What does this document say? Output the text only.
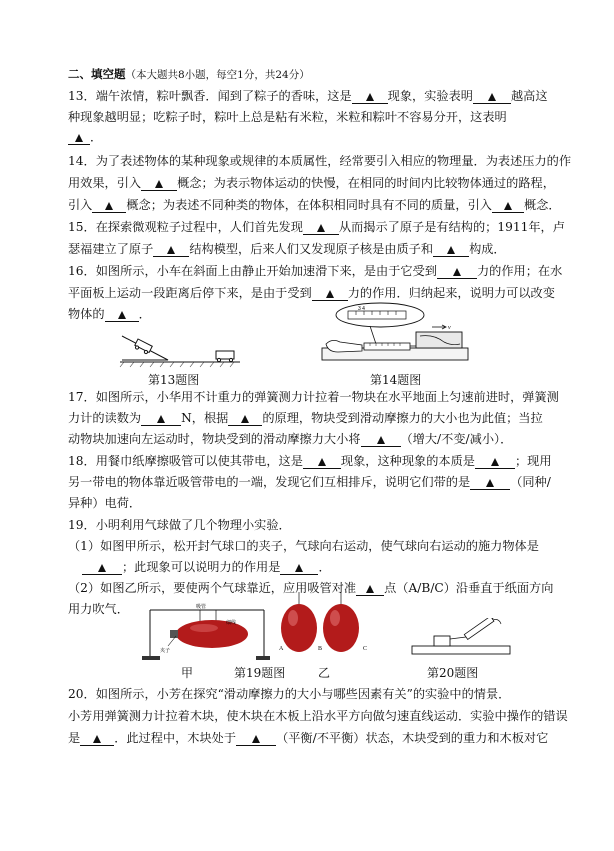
二、填空题（本大题共8小题，每空1分，共24分）
13．端午浓情，粽叶飘香．闻到了粽子的香味，这是	现象，实验表明	越高这
种现象越明显；吃粽子时，粽叶上总是粘有米粒，米粒和粽叶不容易分开，这表明
．
14．为了表述物体的某种现象或规律的本质属性，经常要引入相应的物理量．为表述压力的作
用效果，引入	概念；为表示物体运动的快慢，在相同的时间内比较物体通过的路程，
引入	概念；为表述不同种类的物体，在体积相同时具有不同的质量，引入	概念．
15．在探索微观粒子过程中，人们首先发现	从而揭示了原子是有结构的；1911年，卢
瑟福建立了原子	结构模型，后来人们又发现原子核是由质子和	构成．
16．如图所示，小车在斜面上由静止开始加速滑下来，是由于它受到	力的作用；在水
平面板上运动一段距离后停下来，是由于受到	力的作用．归纳起来，说明力可以改变
物体的	．
第13题图
3 4
v
第14题图
17．如图所示，小华用不计重力的弹簧测力计拉着一物块在水平地面上匀速前进时，弹簧测
力计的读数为	N，根据	的原理，物块受到滑动摩擦力的大小也为此值；当拉
动物块加速向左运动时，物块受到的滑动摩擦力大小将	（增大/不变/减小）．
18．用餐巾纸摩擦吸管可以使其带电，这是	现象，这种现象的本质是	；现用
另一带电的物体靠近吸管带电的一端，发现它们互相排斥，说明它们带的是	（同种/
异种）电荷．
19．小明利用气球做了几个物理小实验．
（1）如图甲所示，松开封气球口的夹子，气球向右运动，使气球向右运动的施力物体是
；此现象可以说明力的作用是	．
（2）如图乙所示，要使两个气球靠近，应用吸管对准 点（A/B/C）沿垂直于纸面方向
用力吹气．	吸管
细线
夹子	A	B	C
甲	第19题图	乙	第20题图
20．如图所示，小芳在探究“滑动摩擦力的大小与哪些因素有关”的实验中的情景．
小芳用弹簧测力计拉着木块，使木块在木板上沿水平方向做匀速直线运动．实验中操作的错误
是	．此过程中，木块处于	（平衡/不平衡）状态，木块受到的重力和木板对它
